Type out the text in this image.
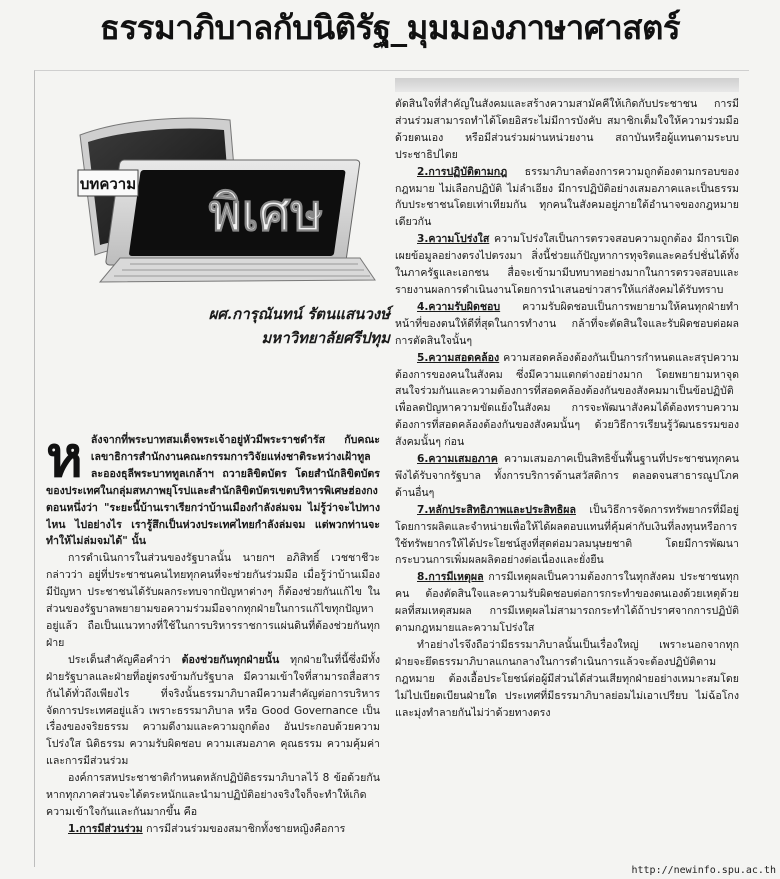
ธรรมาภิบาลกับนิติรัฐ_มุมมองภาษาศาสตร์
บทความ พิเศษ
ผศ.การุณันทน์ รัตนแสนวงษ์
มหาวิทยาลัยศรีปทุม

หลังจากที่พระบาทสมเด็จพระเจ้าอยู่หัวมีพระราชดำรัส กับคณะเลขาธิการสำนักงานคณะกรรมการวิจัยแห่งชาติระหว่างเฝ้าทูลละอองธุลีพระบาททูลเกล้าฯ ถวายลิขิตบัตร โดยสำนักลิขิตบัตรของประเทศในกลุ่มสหภาพยุโรปและสำนักลิขิตบัตรเขตบริหารพิเศษฮ่องกง ตอนหนึ่งว่า "ระยะนี้บ้านเราเรียกว่าบ้านเมืองกำลังล่มจม ไม่รู้ว่าจะไปทางไหน ไปอย่างไร เรารู้สึกเป็นห่วงประเทศไทยกำลังล่มจม แต่พวกท่านจะทำให้ไม่ล่มจมได้" นั้น

การดำเนินการในส่วนของรัฐบาลนั้น นายกฯ อภิสิทธิ์ เวชชาชีวะ กล่าวว่า อยู่ที่ประชาชนคนไทยทุกคนที่จะช่วยกันร่วมมือ เมื่อรู้ว่าบ้านเมืองมีปัญหา ประชาชนได้รับผลกระทบจากปัญหาต่างๆ ก็ต้องช่วยกันแก้ไข ในส่วนของรัฐบาลพยายามขอความร่วมมือจากทุกฝ่ายในการแก้ไขทุกปัญหาอยู่แล้ว ถือเป็นแนวทางที่ใช้ในการบริหารราชการแผ่นดินที่ต้องช่วยกันทุกฝ่าย

ประเด็นสำคัญคือคำว่า ต้องช่วยกันทุกฝ่ายนั้น ทุกฝ่ายในที่นี้ซึ่งมีทั้งฝ่ายรัฐบาลและฝ่ายที่อยู่ตรงข้ามกับรัฐบาล มีความเข้าใจที่สามารถสื่อสารกันได้ทั่วถึงเพียงไร ที่จริงนั้นธรรมาภิบาลมีความสำคัญต่อการบริหารจัดการประเทศอยู่แล้ว เพราะธรรมาภิบาล หรือ Good Governance เป็นเรื่องของจริยธรรม ความดีงามและความถูกต้อง อันประกอบด้วยความโปร่งใส นิติธรรม ความรับผิดชอบ ความเสมอภาค คุณธรรม ความคุ้มค่า และการมีส่วนร่วม

องค์การสหประชาชาติกำหนดหลักปฏิบัติธรรมาภิบาลไว้ 8 ข้อด้วยกัน หากทุกภาคส่วนจะได้ตระหนักและนำมาปฏิบัติอย่างจริงใจก็จะทำให้เกิดความเข้าใจกันและกันมากขึ้น คือ

1.การมีส่วนร่วม การมีส่วนร่วมของสมาชิกทั้งชายหญิงคือการ

ตัดสินใจที่สำคัญในสังคมและสร้างความสามัคคีให้เกิดกับประชาชน การมีส่วนร่วมสามารถทำได้โดยอิสระไม่มีการบังคับ สมาชิกเต็มใจให้ความร่วมมือด้วยตนเอง หรือมีส่วนร่วมผ่านหน่วยงาน สถาบันหรือผู้แทนตามระบบประชาธิปไตย

2.การปฏิบัติตามกฎ ธรรมาภิบาลต้องการความถูกต้องตามกรอบของกฎหมาย ไม่เลือกปฏิบัติ ไม่ลำเอียง มีการปฏิบัติอย่างเสมอภาคและเป็นธรรมกับประชาชนโดยเท่าเทียมกัน ทุกคนในสังคมอยู่ภายใต้อำนาจของกฎหมายเดียวกัน

3.ความโปร่งใส ความโปร่งใสเป็นการตรวจสอบความถูกต้อง มีการเปิดเผยข้อมูลอย่างตรงไปตรงมา สิ่งนี้ช่วยแก้ปัญหาการทุจริตและคอร์ปชั่นได้ทั้งในภาครัฐและเอกชน สื่อจะเข้ามามีบทบาทอย่างมากในการตรวจสอบและรายงานผลการดำเนินงานโดยการนำเสนอข่าวสารให้แก่สังคมได้รับทราบ

4.ความรับผิดชอบ ความรับผิดชอบเป็นการพยายามให้คนทุกฝ่ายทำหน้าที่ของตนให้ดีที่สุดในการทำงาน กล้าที่จะตัดสินใจและรับผิดชอบต่อผลการตัดสินใจนั้นๆ

5.ความสอดคล้อง ความสอดคล้องต้องกันเป็นการกำหนดและสรุปความต้องการของคนในสังคม ซึ่งมีความแตกต่างอย่างมาก โดยพยายามหาจุดสนใจร่วมกันและความต้องการที่สอดคล้องต้องกันของสังคมมาเป็นข้อปฏิบัติเพื่อลดปัญหาความขัดแย้งในสังคม การจะพัฒนาสังคมได้ต้องทราบความต้องการที่สอดคล้องต้องกันของสังคมนั้นๆ ด้วยวิธีการเรียนรู้วัฒนธรรมของสังคมนั้นๆ ก่อน

6.ความเสมอภาค ความเสมอภาคเป็นสิทธิขั้นพื้นฐานที่ประชาชนทุกคนพึงได้รับจากรัฐบาล ทั้งการบริการด้านสวัสดิการ ตลอดจนสาธารณูปโภคด้านอื่นๆ

7.หลักประสิทธิภาพและประสิทธิผล เป็นวิธีการจัดการทรัพยากรที่มีอยู่ โดยการผลิตและจำหน่ายเพื่อให้ได้ผลตอบแทนที่คุ้มค่ากับเงินที่ลงทุนหรือการใช้ทรัพยากรให้ได้ประโยชน์สูงที่สุดต่อมวลมนุษยชาติ โดยมีการพัฒนากระบวนการเพิ่มผลผลิตอย่างต่อเนื่องและยั่งยืน

8.การมีเหตุผล การมีเหตุผลเป็นความต้องการในทุกสังคม ประชาชนทุกคน ต้องตัดสินใจและความรับผิดชอบต่อการกระทำของตนเองด้วยเหตุด้วยผลที่สมเหตุสมผล การมีเหตุผลไม่สามารถกระทำได้ถ้าปราศจากการปฏิบัติตามกฎหมายและความโปร่งใส

ทำอย่างไรจึงถือว่ามีธรรมาภิบาลนั้นเป็นเรื่องใหญ่ เพราะนอกจากทุกฝ่ายจะยึดธรรมาภิบาลแกนกลางในการดำเนินการแล้วจะต้องปฏิบัติตามกฎหมาย ต้องเอื้อประโยชน์ต่อผู้มีส่วนได้ส่วนเสียทุกฝ่ายอย่างเหมาะสมโดยไม่ไปเบียดเบียนฝ่ายใด ประเทศที่มีธรรมาภิบาลย่อมไม่เอาเปรียบ ไม่ฉ้อโกง และมุ่งทำลายกันไม่ว่าด้วยทางตรง

http://newinfo.spu.ac.th
